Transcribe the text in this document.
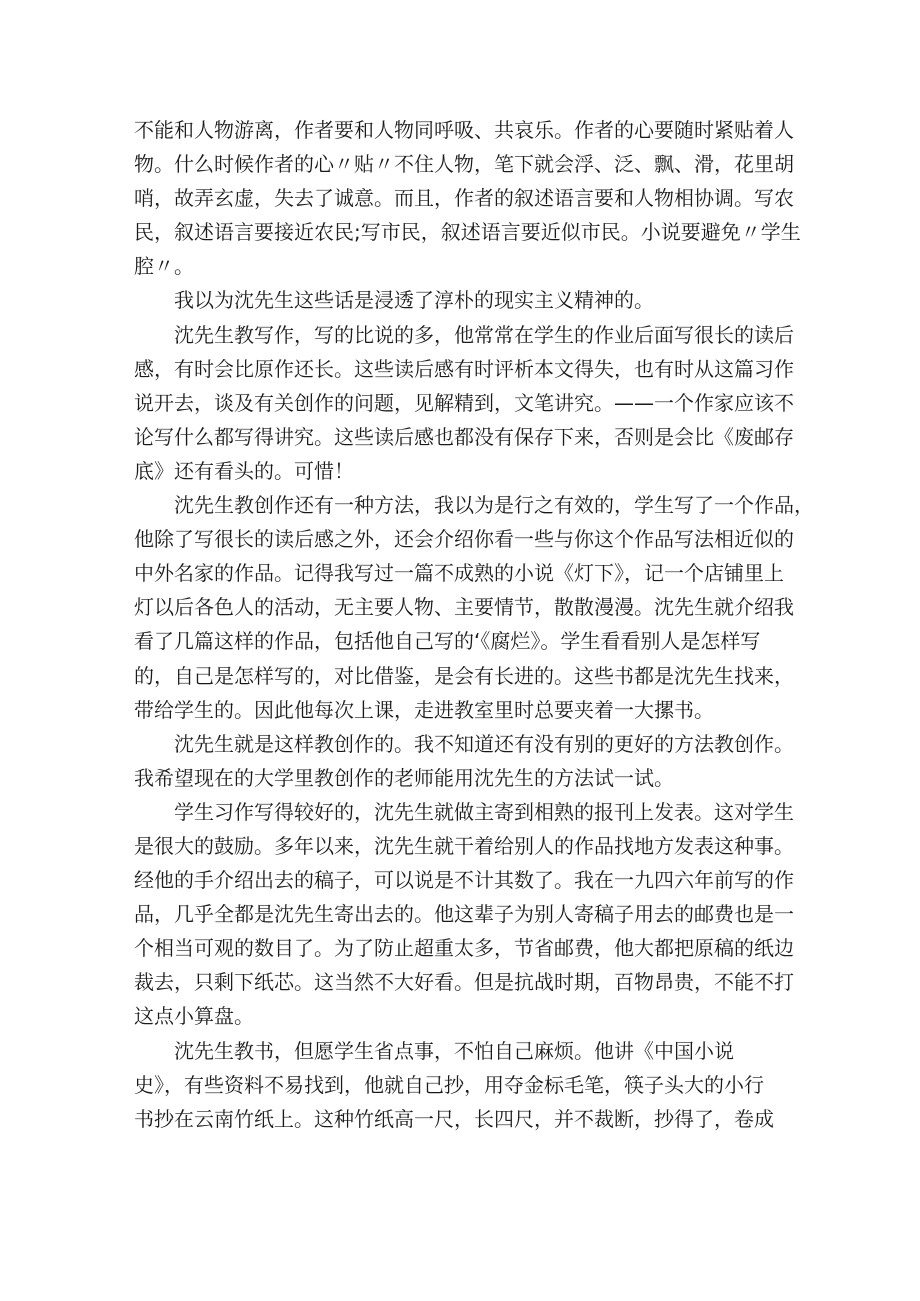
不能和人物游离，作者要和人物同呼吸、共哀乐。作者的心要随时紧贴着人
物。什么时候作者的心〃贴〃不住人物，笔下就会浮、泛、飘、滑，花里胡
哨，故弄玄虚，失去了诚意。而且，作者的叙述语言要和人物相协调。写农
民，叙述语言要接近农民;写市民，叙述语言要近似市民。小说要避免〃学生
腔〃。
我以为沈先生这些话是浸透了淳朴的现实主义精神的。
沈先生教写作，写的比说的多，他常常在学生的作业后面写很长的读后
感，有时会比原作还长。这些读后感有时评析本文得失，也有时从这篇习作
说开去，谈及有关创作的问题，见解精到，文笔讲究。——一个作家应该不
论写什么都写得讲究。这些读后感也都没有保存下来，否则是会比《废邮存
底》还有看头的。可惜！
沈先生教创作还有一种方法，我以为是行之有效的，学生写了一个作品，
他除了写很长的读后感之外，还会介绍你看一些与你这个作品写法相近似的
中外名家的作品。记得我写过一篇不成熟的小说《灯下》，记一个店铺里上
灯以后各色人的活动，无主要人物、主要情节，散散漫漫。沈先生就介绍我
看了几篇这样的作品，包括他自己写的‘《腐烂》。学生看看别人是怎样写
的，自己是怎样写的，对比借鉴，是会有长进的。这些书都是沈先生找来，
带给学生的。因此他每次上课，走进教室里时总要夹着一大摞书。
沈先生就是这样教创作的。我不知道还有没有别的更好的方法教创作。
我希望现在的大学里教创作的老师能用沈先生的方法试一试。
学生习作写得较好的，沈先生就做主寄到相熟的报刊上发表。这对学生
是很大的鼓励。多年以来，沈先生就干着给别人的作品找地方发表这种事。
经他的手介绍出去的稿子，可以说是不计其数了。我在一九四六年前写的作
品，几乎全都是沈先生寄出去的。他这辈子为别人寄稿子用去的邮费也是一
个相当可观的数目了。为了防止超重太多，节省邮费，他大都把原稿的纸边
裁去，只剩下纸芯。这当然不大好看。但是抗战时期，百物昂贵，不能不打
这点小算盘。
沈先生教书，但愿学生省点事，不怕自己麻烦。他讲《中国小说
史》，有些资料不易找到，他就自己抄，用夺金标毛笔，筷子头大的小行
书抄在云南竹纸上。这种竹纸高一尺，长四尺，并不裁断，抄得了，卷成
